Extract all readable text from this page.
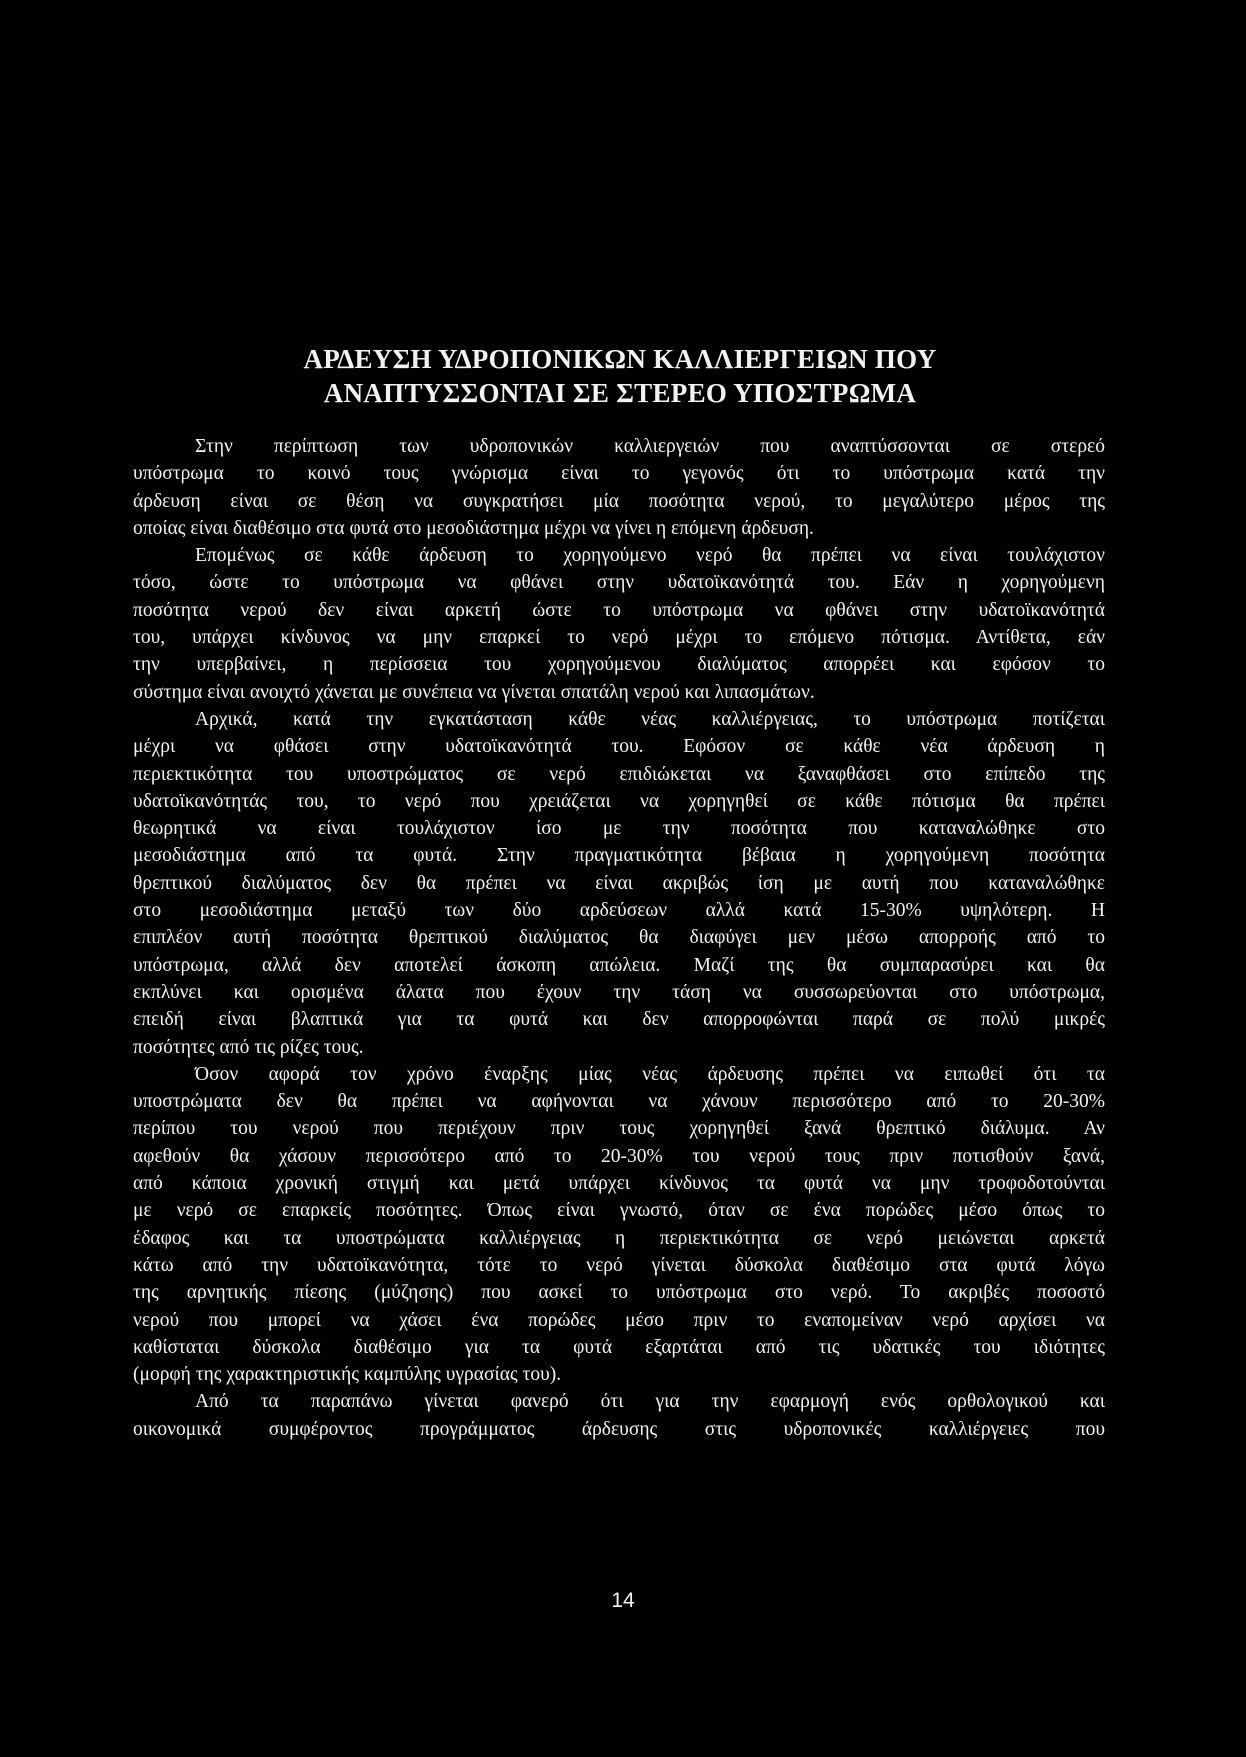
ΑΡΔΕΥΣΗ ΥΔΡΟΠΟΝΙΚΩΝ ΚΑΛΛΙΕΡΓΕΙΩΝ ΠΟΥ
ΑΝΑΠΤΥΣΣΟΝΤΑΙ ΣΕ ΣΤΕΡΕΟ ΥΠΟΣΤΡΩΜΑ
Στην περίπτωση των υδροπονικών καλλιεργειών που αναπτύσσονται σε στερεό
υπόστρωμα το κοινό τους γνώρισμα είναι το γεγονός ότι το υπόστρωμα κατά την
άρδευση είναι σε θέση να συγκρατήσει μία ποσότητα νερού, το μεγαλύτερο μέρος της
οποίας είναι διαθέσιμο στα φυτά στο μεσοδιάστημα μέχρι να γίνει η επόμενη άρδευση.
Επομένως σε κάθε άρδευση το χορηγούμενο νερό θα πρέπει να είναι τουλάχιστον
τόσο, ώστε το υπόστρωμα να φθάνει στην υδατοϊκανότητά του. Εάν η χορηγούμενη
ποσότητα νερού δεν είναι αρκετή ώστε το υπόστρωμα να φθάνει στην υδατοϊκανότητά
του, υπάρχει κίνδυνος να μην επαρκεί το νερό μέχρι το επόμενο πότισμα. Αντίθετα, εάν
την υπερβαίνει, η περίσσεια του χορηγούμενου διαλύματος απορρέει και εφόσον το
σύστημα είναι ανοιχτό χάνεται με συνέπεια να γίνεται σπατάλη νερού και λιπασμάτων.
Αρχικά, κατά την εγκατάσταση κάθε νέας καλλιέργειας, το υπόστρωμα ποτίζεται
μέχρι να φθάσει στην υδατοϊκανότητά του. Εφόσον σε κάθε νέα άρδευση η
περιεκτικότητα του υποστρώματος σε νερό επιδιώκεται να ξαναφθάσει στο επίπεδο της
υδατοϊκανότητάς του, το νερό που χρειάζεται να χορηγηθεί σε κάθε πότισμα θα πρέπει
θεωρητικά να είναι τουλάχιστον ίσο με την ποσότητα που καταναλώθηκε στο
μεσοδιάστημα από τα φυτά. Στην πραγματικότητα βέβαια η χορηγούμενη ποσότητα
θρεπτικού διαλύματος δεν θα πρέπει να είναι ακριβώς ίση με αυτή που καταναλώθηκε
στο μεσοδιάστημα μεταξύ των δύο αρδεύσεων αλλά κατά 15-30% υψηλότερη. Η
επιπλέον αυτή ποσότητα θρεπτικού διαλύματος θα διαφύγει μεν μέσω απορροής από το
υπόστρωμα, αλλά δεν αποτελεί άσκοπη απώλεια. Μαζί της θα συμπαρασύρει και θα
εκπλύνει και ορισμένα άλατα που έχουν την τάση να συσσωρεύονται στο υπόστρωμα,
επειδή είναι βλαπτικά για τα φυτά και δεν απορροφώνται παρά σε πολύ μικρές
ποσότητες από τις ρίζες τους.
Όσον αφορά τον χρόνο έναρξης μίας νέας άρδευσης πρέπει να ειπωθεί ότι τα
υποστρώματα δεν θα πρέπει να αφήνονται να χάνουν περισσότερο από το 20-30%
περίπου του νερού που περιέχουν πριν τους χορηγηθεί ξανά θρεπτικό διάλυμα. Αν
αφεθούν θα χάσουν περισσότερο από το 20-30% του νερού τους πριν ποτισθούν ξανά,
από κάποια χρονική στιγμή και μετά υπάρχει κίνδυνος τα φυτά να μην τροφοδοτούνται
με νερό σε επαρκείς ποσότητες. Όπως είναι γνωστό, όταν σε ένα πορώδες μέσο όπως το
έδαφος και τα υποστρώματα καλλιέργειας η περιεκτικότητα σε νερό μειώνεται αρκετά
κάτω από την υδατοϊκανότητα, τότε το νερό γίνεται δύσκολα διαθέσιμο στα φυτά λόγω
της αρνητικής πίεσης (μύζησης) που ασκεί το υπόστρωμα στο νερό. Το ακριβές ποσοστό
νερού που μπορεί να χάσει ένα πορώδες μέσο πριν το εναπομείναν νερό αρχίσει να
καθίσταται δύσκολα διαθέσιμο για τα φυτά εξαρτάται από τις υδατικές του ιδιότητες
(μορφή της χαρακτηριστικής καμπύλης υγρασίας του).
Από τα παραπάνω γίνεται φανερό ότι για την εφαρμογή ενός ορθολογικού και
οικονομικά συμφέροντος προγράμματος άρδευσης στις υδροπονικές καλλιέργειες που
14
